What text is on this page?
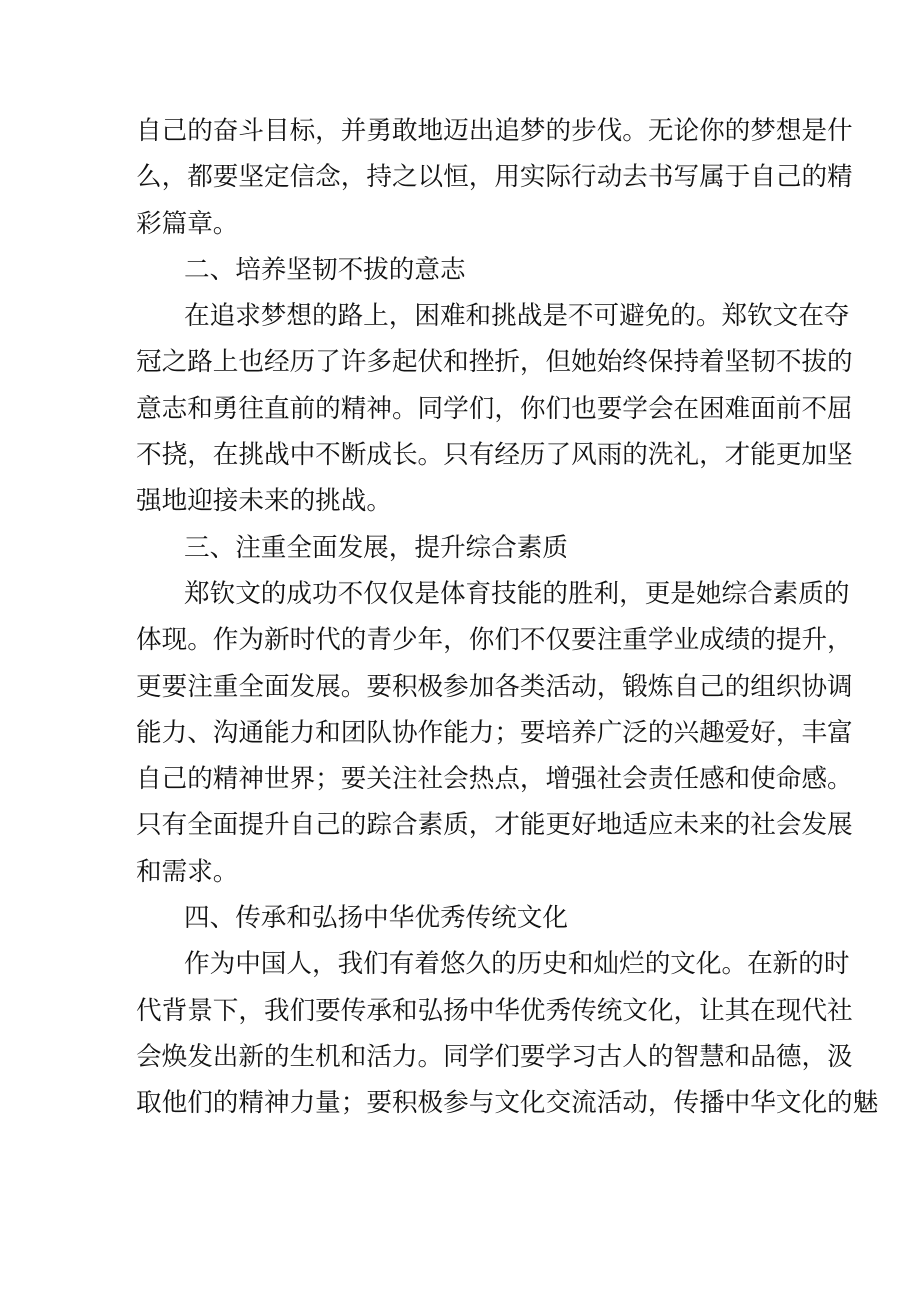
自己的奋斗目标，并勇敢地迈出追梦的步伐。无论你的梦想是什
么，都要坚定信念，持之以恒，用实际行动去书写属于自己的精
彩篇章。
二、培养坚韧不拔的意志
在追求梦想的路上，困难和挑战是不可避免的。郑钦文在夺
冠之路上也经历了许多起伏和挫折，但她始终保持着坚韧不拔的
意志和勇往直前的精神。同学们，你们也要学会在困难面前不屈
不挠，在挑战中不断成长。只有经历了风雨的洗礼，才能更加坚
强地迎接未来的挑战。
三、注重全面发展，提升综合素质
郑钦文的成功不仅仅是体育技能的胜利，更是她综合素质的
体现。作为新时代的青少年，你们不仅要注重学业成绩的提升，
更要注重全面发展。要积极参加各类活动，锻炼自己的组织协调
能力、沟通能力和团队协作能力；要培养广泛的兴趣爱好，丰富
自己的精神世界；要关注社会热点，增强社会责任感和使命感。
只有全面提升自己的踪合素质，才能更好地适应未来的社会发展
和需求。
四、传承和弘扬中华优秀传统文化
作为中国人，我们有着悠久的历史和灿烂的文化。在新的时
代背景下，我们要传承和弘扬中华优秀传统文化，让其在现代社
会焕发出新的生机和活力。同学们要学习古人的智慧和品德，汲
取他们的精神力量；要积极参与文化交流活动，传播中华文化的魅
